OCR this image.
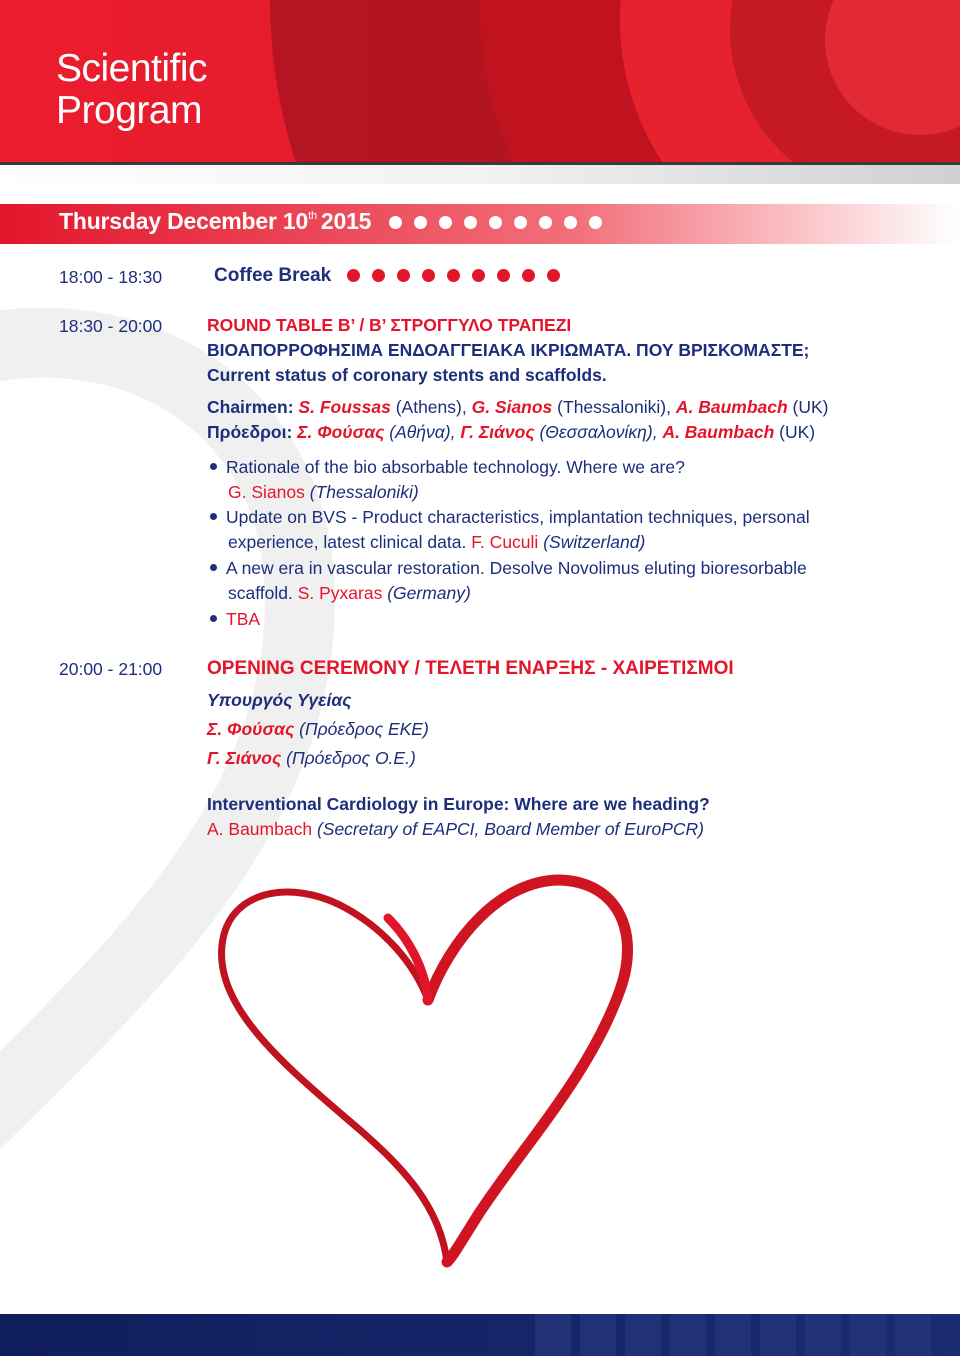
Scientific
Program
Thursday December 10th 2015
18:00 - 18:30	Coffee Break
18:30 - 20:00	ROUND TABLE B’ / B’ ΣΤΡΟΓΓΥΛΟ ΤΡΑΠΕΖΙ
ΒΙΟΑΠΟΡΡΟΦΗΣΙΜΑ ΕΝΔΟΑΓΓΕΙΑΚΑ ΙΚΡΙΩΜΑΤΑ. ΠΟΥ ΒΡΙΣΚΟΜΑΣΤΕ;
Current status of coronary stents and scaffolds.
Chairmen: S. Foussas (Athens), G. Sianos (Thessaloniki), A. Baumbach (UK)
Πρόεδροι: Σ. Φούσας (Αθήνα), Γ. Σιάνος (Θεσσαλονίκη), A. Baumbach (UK)
Rationale of the bio absorbable technology. Where we are?
G. Sianos (Thessaloniki)
Update on BVS - Product characteristics, implantation techniques, personal
experience, latest clinical data. F. Cuculi (Switzerland)
A new era in vascular restoration. Desolve Novolimus eluting bioresorbable
scaffold. S. Pyxaras (Germany)
TBA
20:00 - 21:00 OPENING CEREMONY / ΤΕΛΕΤΗ ΕΝΑΡΞΗΣ - ΧΑΙΡΕΤΙΣΜΟΙ
Υπουργός Υγείας
Σ. Φούσας (Πρόεδρος ΕΚΕ)
Γ. Σιάνος (Πρόεδρος Ο.Ε.)
Interventional Cardiology in Europe: Where are we heading?
A. Baumbach (Secretary of EAPCI, Board Member of EuroPCR)
